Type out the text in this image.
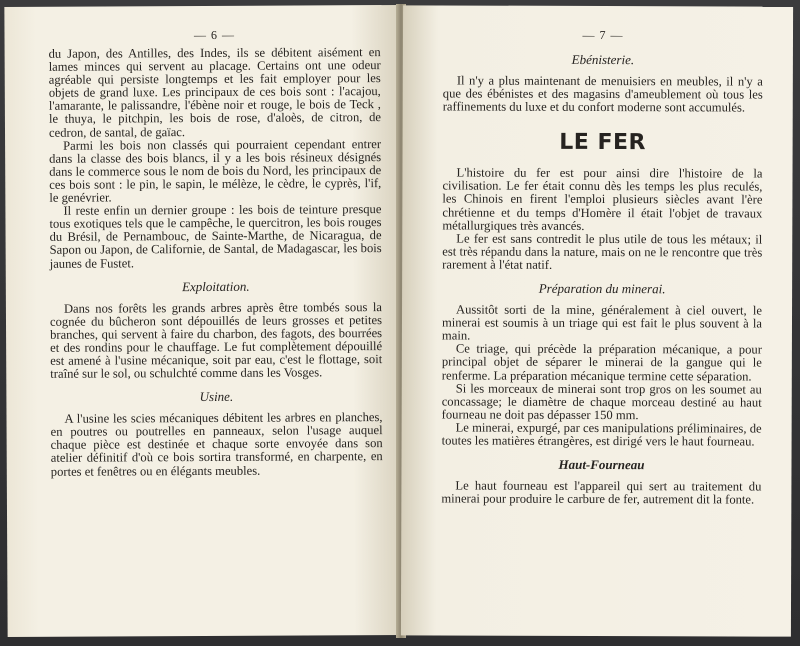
— 6 —

du Japon, des Antilles, des Indes, ils se débitent aisément en lames minces qui servent au placage. Certains ont une odeur agréable qui persiste longtemps et les fait employer pour les objets de grand luxe. Les principaux de ces bois sont : l'acajou, l'amarante, le palissandre, l'ébène noir et rouge, le bois de Teck , le thuya, le pitchpin, les bois de rose, d'aloès, de citron, de cedron, de santal, de gaïac.

Parmi les bois non classés qui pourraient cependant entrer dans la classe des bois blancs, il y a les bois résineux désignés dans le commerce sous le nom de bois du Nord, les principaux de ces bois sont : le pin, le sapin, le mélèze, le cèdre, le cyprès, l'if, le genévrier.

Il reste enfin un dernier groupe : les bois de teinture presque tous exotiques tels que le campêche, le quercitron, les bois rouges du Brésil, de Pernambouc, de Sainte-Marthe, de Nicaragua, de Sapon ou Japon, de Californie, de Santal, de Madagascar, les bois jaunes de Fustet.

Exploitation.

Dans nos forêts les grands arbres après être tombés sous la cognée du bûcheron sont dépouillés de leurs grosses et petites branches, qui servent à faire du charbon, des fagots, des bourrées et des rondins pour le chauffage. Le fut complètement dépouillé est amené à l'usine mécanique, soit par eau, c'est le flottage, soit traîné sur le sol, ou schulchté comme dans les Vosges.

Usine.

A l'usine les scies mécaniques débitent les arbres en planches, en poutres ou poutrelles en panneaux, selon l'usage auquel chaque pièce est destinée et chaque sorte envoyée dans son atelier définitif d'où ce bois sortira transformé, en charpente, en portes et fenêtres ou en élégants meubles.

— 7 —
Ebénisterie.

Il n'y a plus maintenant de menuisiers en meubles, il n'y a que des ébénistes et des magasins d'ameublement où tous les raffinements du luxe et du confort moderne sont accumulés.

LE FER

L'histoire du fer est pour ainsi dire l'histoire de la civilisation. Le fer était connu dès les temps les plus reculés, les Chinois en firent l'emploi plusieurs siècles avant l'ère chrétienne et du temps d'Homère il était l'objet de travaux métallurgiques très avancés.

Le fer est sans contredit le plus utile de tous les métaux; il est très répandu dans la nature, mais on ne le rencontre que très rarement à l'état natif.

Préparation du minerai.

Aussitôt sorti de la mine, généralement à ciel ouvert, le minerai est soumis à un triage qui est fait le plus souvent à la main.

Ce triage, qui précède la préparation mécanique, a pour principal objet de séparer le minerai de la gangue qui le renferme. La préparation mécanique termine cette séparation.

Si les morceaux de minerai sont trop gros on les soumet au concassage; le diamètre de chaque morceau destiné au haut fourneau ne doit pas dépasser 150 mm.

Le minerai, expurgé, par ces manipulations préliminaires, de toutes les matières étrangères, est dirigé vers le haut fourneau.

Haut-Fourneau

Le haut fourneau est l'appareil qui sert au traitement du minerai pour produire le carbure de fer, autrement dit la fonte.
